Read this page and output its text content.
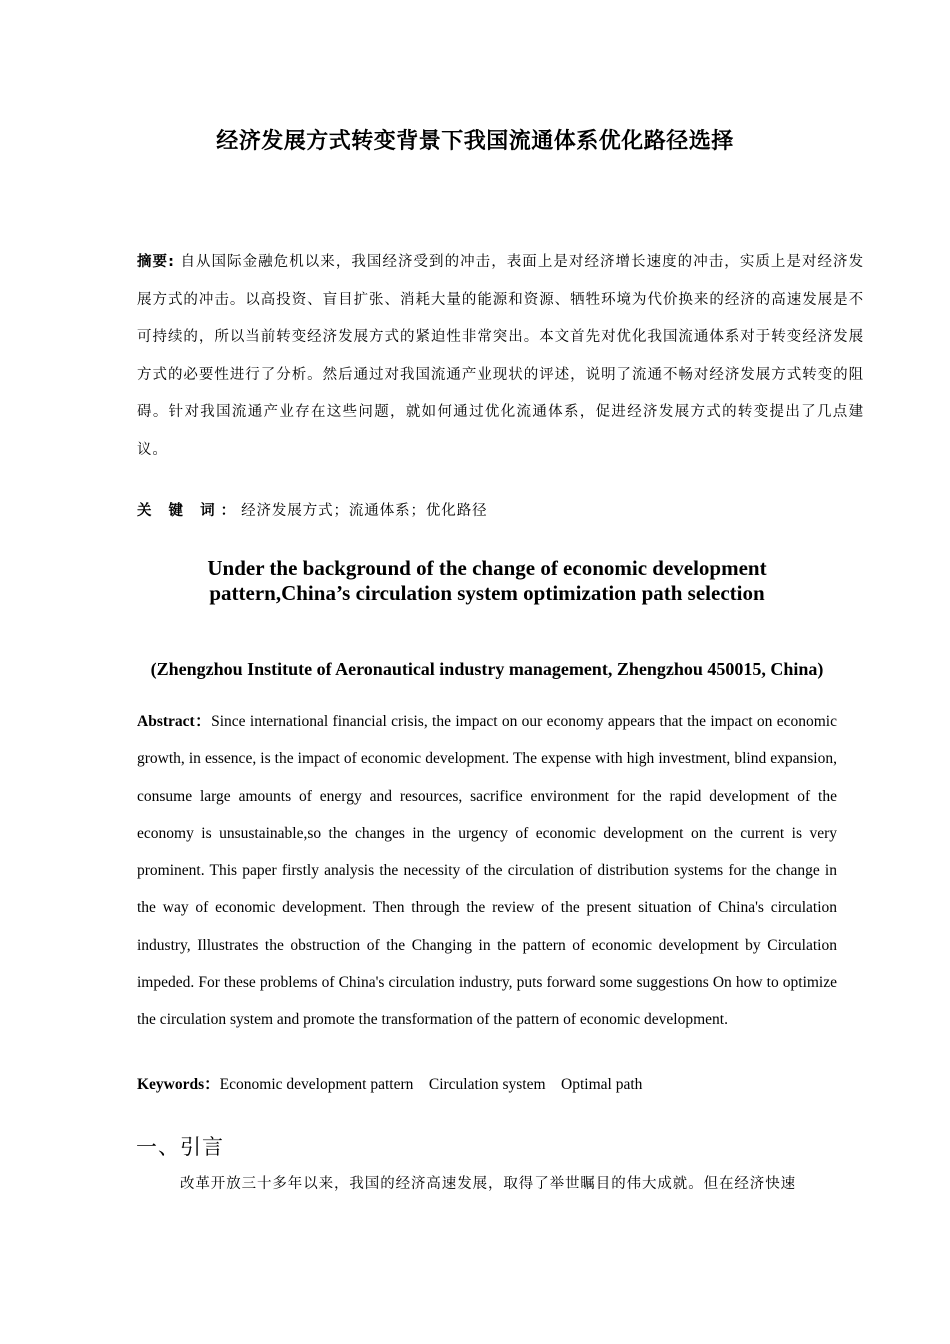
经济发展方式转变背景下我国流通体系优化路径选择
摘要: 自从国际金融危机以来，我国经济受到的冲击，表面上是对经济增长速度的冲击，实质上是对经济发展方式的冲击。以高投资、盲目扩张、消耗大量的能源和资源、牺牲环境为代价换来的经济的高速发展是不可持续的，所以当前转变经济发展方式的紧迫性非常突出。本文首先对优化我国流通体系对于转变经济发展方式的必要性进行了分析。然后通过对我国流通产业现状的评述，说明了流通不畅对经济发展方式转变的阻碍。针对我国流通产业存在这些问题，就如何通过优化流通体系，促进经济发展方式的转变提出了几点建议。
关 键 词：经济发展方式；流通体系；优化路径
Under the background of the change of economic development pattern,China’s circulation system optimization path selection
(Zhengzhou Institute of Aeronautical industry management, Zhengzhou 450015, China)
Abstract：Since international financial crisis, the impact on our economy appears that the impact on economic growth, in essence, is the impact of economic development. The expense with high investment, blind expansion, consume large amounts of energy and resources, sacrifice environment for the rapid development of the economy is unsustainable,so the changes in the urgency of economic development on the current is very prominent. This paper firstly analysis the necessity of the circulation of distribution systems for the change in the way of economic development. Then through the review of the present situation of China's circulation industry, Illustrates the obstruction of the Changing in the pattern of economic development by Circulation impeded. For these problems of China's circulation industry, puts forward some suggestions On how to optimize the circulation system and promote the transformation of the pattern of economic development.
Keywords：Economic development pattern    Circulation system    Optimal path
一、引言
改革开放三十多年以来，我国的经济高速发展，取得了举世瞩目的伟大成就。但在经济快速
